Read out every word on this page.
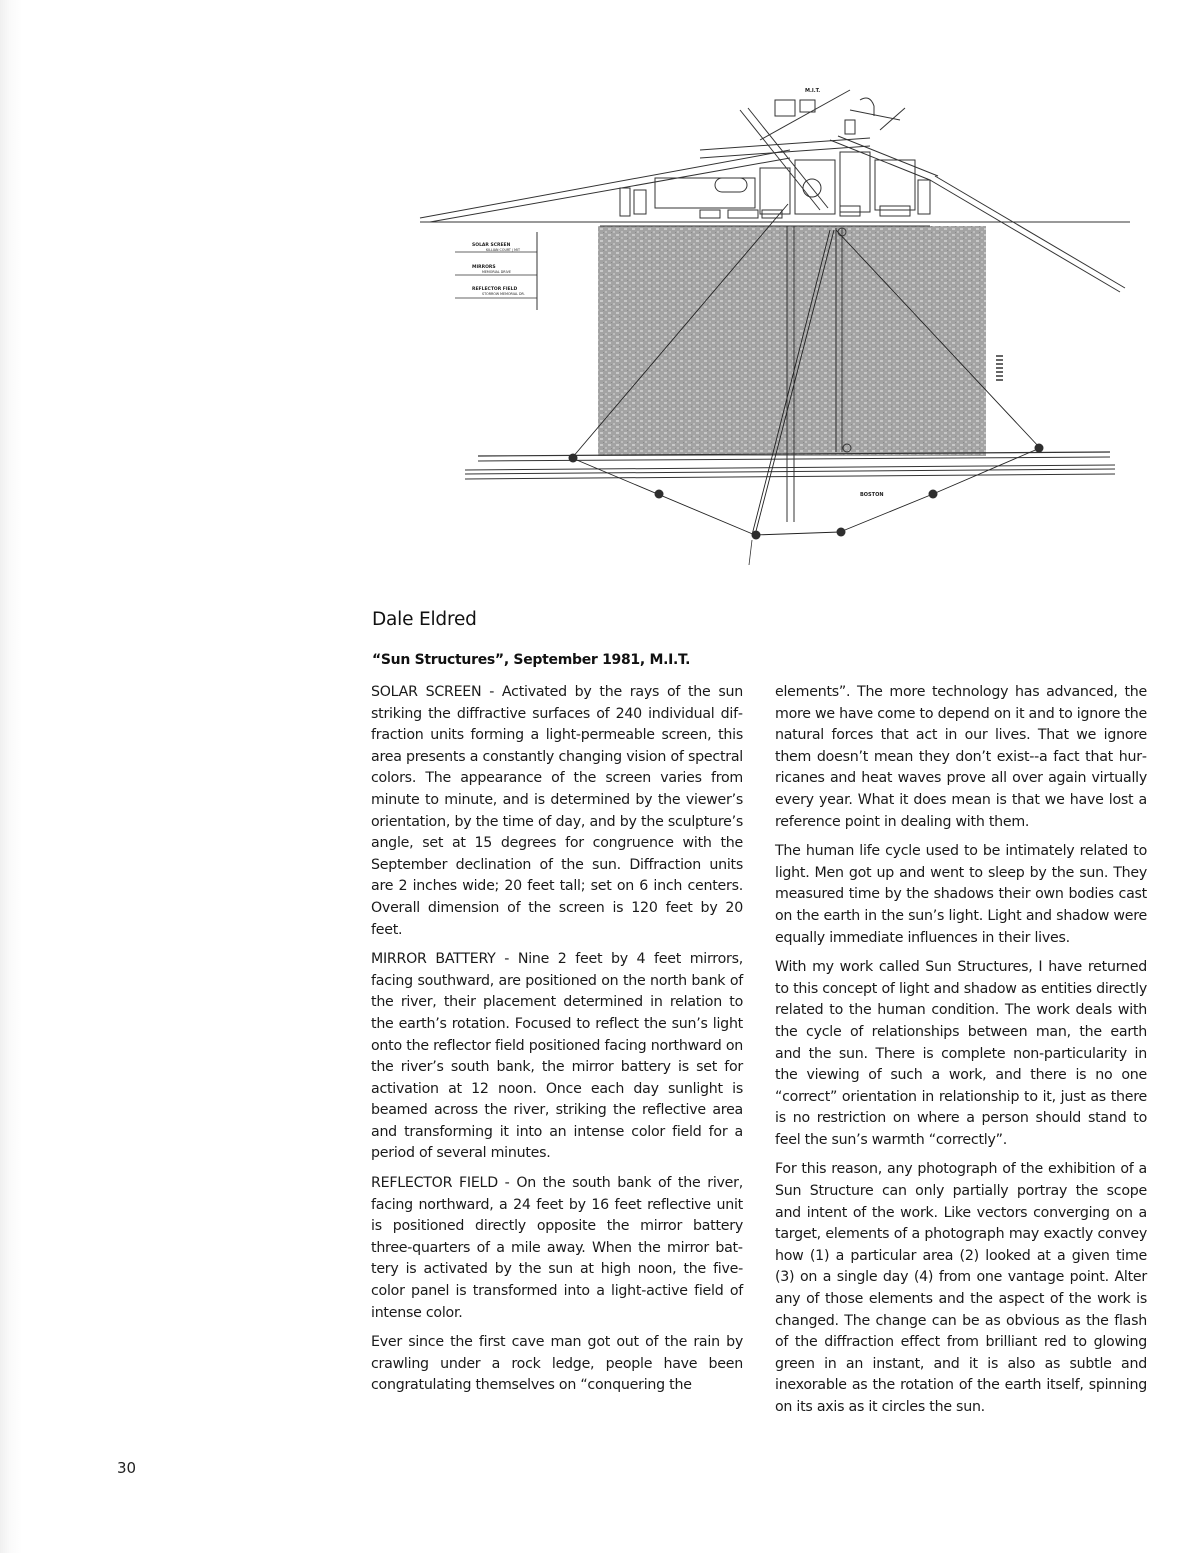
M.I.T.
BOSTON
SOLAR SCREEN
KILLIAN COURT / MIT
MIRRORS
MEMORIAL DRIVE
REFLECTOR FIELD
STORROW MEMORIAL DR.
Dale Eldred
“Sun Structures”, September 1981, M.I.T.

SOLAR SCREEN - Activated by the rays of the sun striking the diffractive surfaces of 240 individual diffraction units forming a light-permeable screen, this area presents a constantly changing vision of spectral colors. The appearance of the screen varies from minute to minute, and is determined by the viewer’s orientation, by the time of day, and by the sculpture’s angle, set at 15 degrees for congruence with the September declination of the sun. Diffraction units are 2 inches wide; 20 feet tall; set on 6 inch centers. Overall dimension of the screen is 120 feet by 20 feet.

MIRROR BATTERY - Nine 2 feet by 4 feet mirrors, facing southward, are positioned on the north bank of the river, their placement determined in relation to the earth’s rotation. Focused to reflect the sun’s light onto the reflector field positioned facing northward on the river’s south bank, the mirror battery is set for activation at 12 noon. Once each day sunlight is beamed across the river, striking the reflective area and transforming it into an intense color field for a period of several minutes.

REFLECTOR FIELD - On the south bank of the river, facing northward, a 24 feet by 16 feet reflective unit is positioned directly opposite the mirror battery three-quarters of a mile away. When the mirror battery is activated by the sun at high noon, the five-color panel is transformed into a light-active field of intense color.

Ever since the first cave man got out of the rain by crawling under a rock ledge, people have been congratulating themselves on “conquering the

elements”. The more technology has advanced, the more we have come to depend on it and to ignore the natural forces that act in our lives. That we ignore them doesn’t mean they don’t exist--a fact that hurricanes and heat waves prove all over again virtually every year. What it does mean is that we have lost a reference point in dealing with them.

The human life cycle used to be intimately related to light. Men got up and went to sleep by the sun. They measured time by the shadows their own bodies cast on the earth in the sun’s light. Light and shadow were equally immediate influences in their lives.

With my work called Sun Structures, I have returned to this concept of light and shadow as entities directly related to the human condition. The work deals with the cycle of relationships between man, the earth and the sun. There is complete non-particularity in the viewing of such a work, and there is no one “correct” orientation in relationship to it, just as there is no restriction on where a person should stand to feel the sun’s warmth “correctly”.

For this reason, any photograph of the exhibition of a Sun Structure can only partially portray the scope and intent of the work. Like vectors converging on a target, elements of a photograph may exactly convey how (1) a particular area (2) looked at a given time (3) on a single day (4) from one vantage point. Alter any of those elements and the aspect of the work is changed. The change can be as obvious as the flash of the diffraction effect from brilliant red to glowing green in an instant, and it is also as subtle and inexorable as the rotation of the earth itself, spinning on its axis as it circles the sun.

30
